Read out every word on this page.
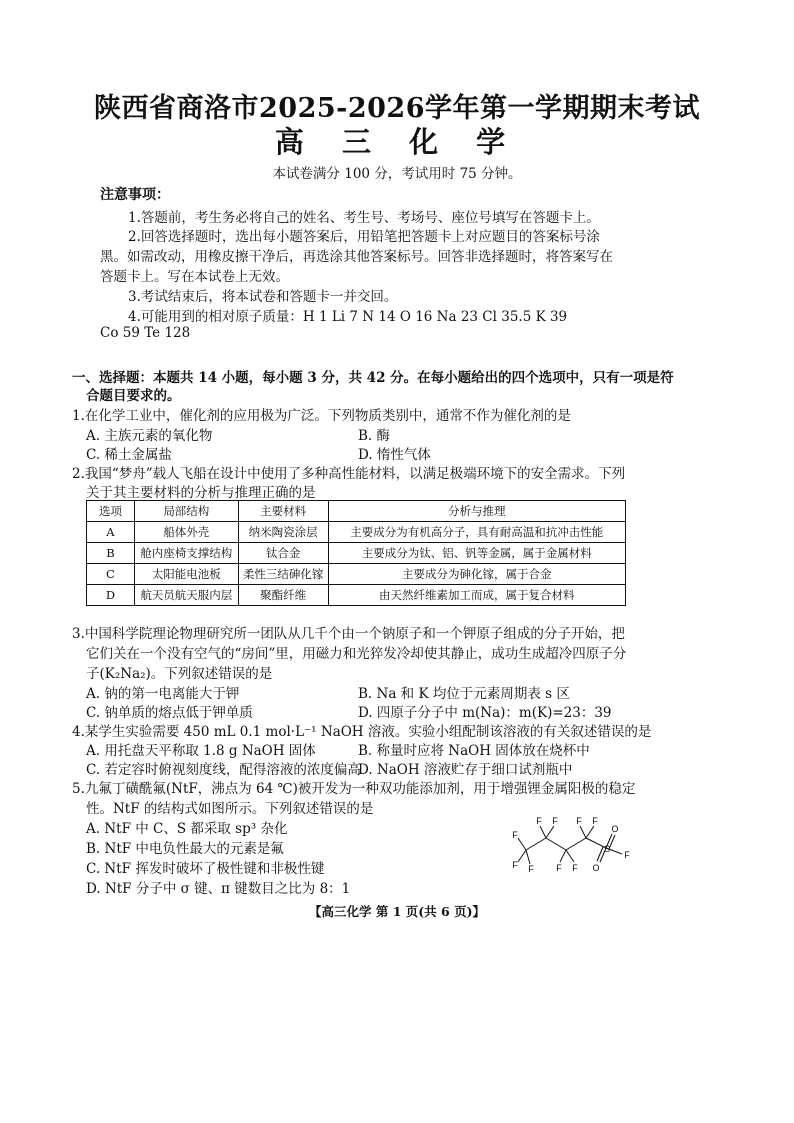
陕西省商洛市2025-2026学年第一学期期末考试
高 三 化 学
本试卷满分 100 分，考试用时 75 分钟。
注意事项：
1.答题前，考生务必将自己的姓名、考生号、考场号、座位号填写在答题卡上。
2.回答选择题时，选出每小题答案后，用铅笔把答题卡上对应题目的答案标号涂
黑。如需改动，用橡皮擦干净后，再选涂其他答案标号。回答非选择题时，将答案写在
答题卡上。写在本试卷上无效。
3.考试结束后，将本试卷和答题卡一并交回。
4.可能用到的相对原子质量：H 1 Li 7 N 14 O 16 Na 23 Cl 35.5 K 39
Co 59 Te 128
一、选择题：本题共 14 小题，每小题 3 分，共 42 分。在每小题给出的四个选项中，只有一项是符
合题目要求的。
1.在化学工业中，催化剂的应用极为广泛。下列物质类别中，通常不作为催化剂的是
A. 主族元素的氧化物	B. 酶
C. 稀土金属盐	D. 惰性气体
2.我国“梦舟”载人飞船在设计中使用了多种高性能材料，以满足极端环境下的安全需求。下列
关于其主要材料的分析与推理正确的是
选项	局部结构	主要材料	分析与推理
A	船体外壳	纳米陶瓷涂层	主要成分为有机高分子，具有耐高温和抗冲击性能
B	舱内座椅支撑结构	钛合金	主要成分为钛、铝、钒等金属，属于金属材料
C	太阳能电池板	柔性三结砷化镓	主要成分为砷化镓，属于合金
D	航天员航天服内层	聚酯纤维	由天然纤维素加工而成，属于复合材料
3.中国科学院理论物理研究所一团队从几千个由一个钠原子和一个钾原子组成的分子开始，把
它们关在一个没有空气的“房间”里，用磁力和光猝发冷却使其静止，成功生成超冷四原子分
子(K₂Na₂)。下列叙述错误的是
A. 钠的第一电离能大于钾	B. Na 和 K 均位于元素周期表 s 区
C. 钠单质的熔点低于钾单质	D. 四原子分子中 m(Na)：m(K)=23：39
4.某学生实验需要 450 mL 0.1 mol·L⁻¹ NaOH 溶液。实验小组配制该溶液的有关叙述错误的是
A. 用托盘天平称取 1.8 g NaOH 固体	B. 称量时应将 NaOH 固体放在烧杯中
C. 若定容时俯视刻度线，配得溶液的浓度偏高
D. NaOH 溶液贮存于细口试剂瓶中
5.九氟丁磺酰氟(NtF，沸点为 64 ℃)被开发为一种双功能添加剂，用于增强锂金属阳极的稳定
性。NtF 的结构式如图所示。下列叙述错误的是
A. NtF 中 C、S 都采取 sp³ 杂化
B. NtF 中电负性最大的元素是氟
C. NtF 挥发时破坏了极性键和非极性键
D. NtF 分子中 σ 键、π 键数目之比为 8：1
F
F F
F F
F F
F F
S
O
O
F
【高三化学 第 1 页(共 6 页)】
